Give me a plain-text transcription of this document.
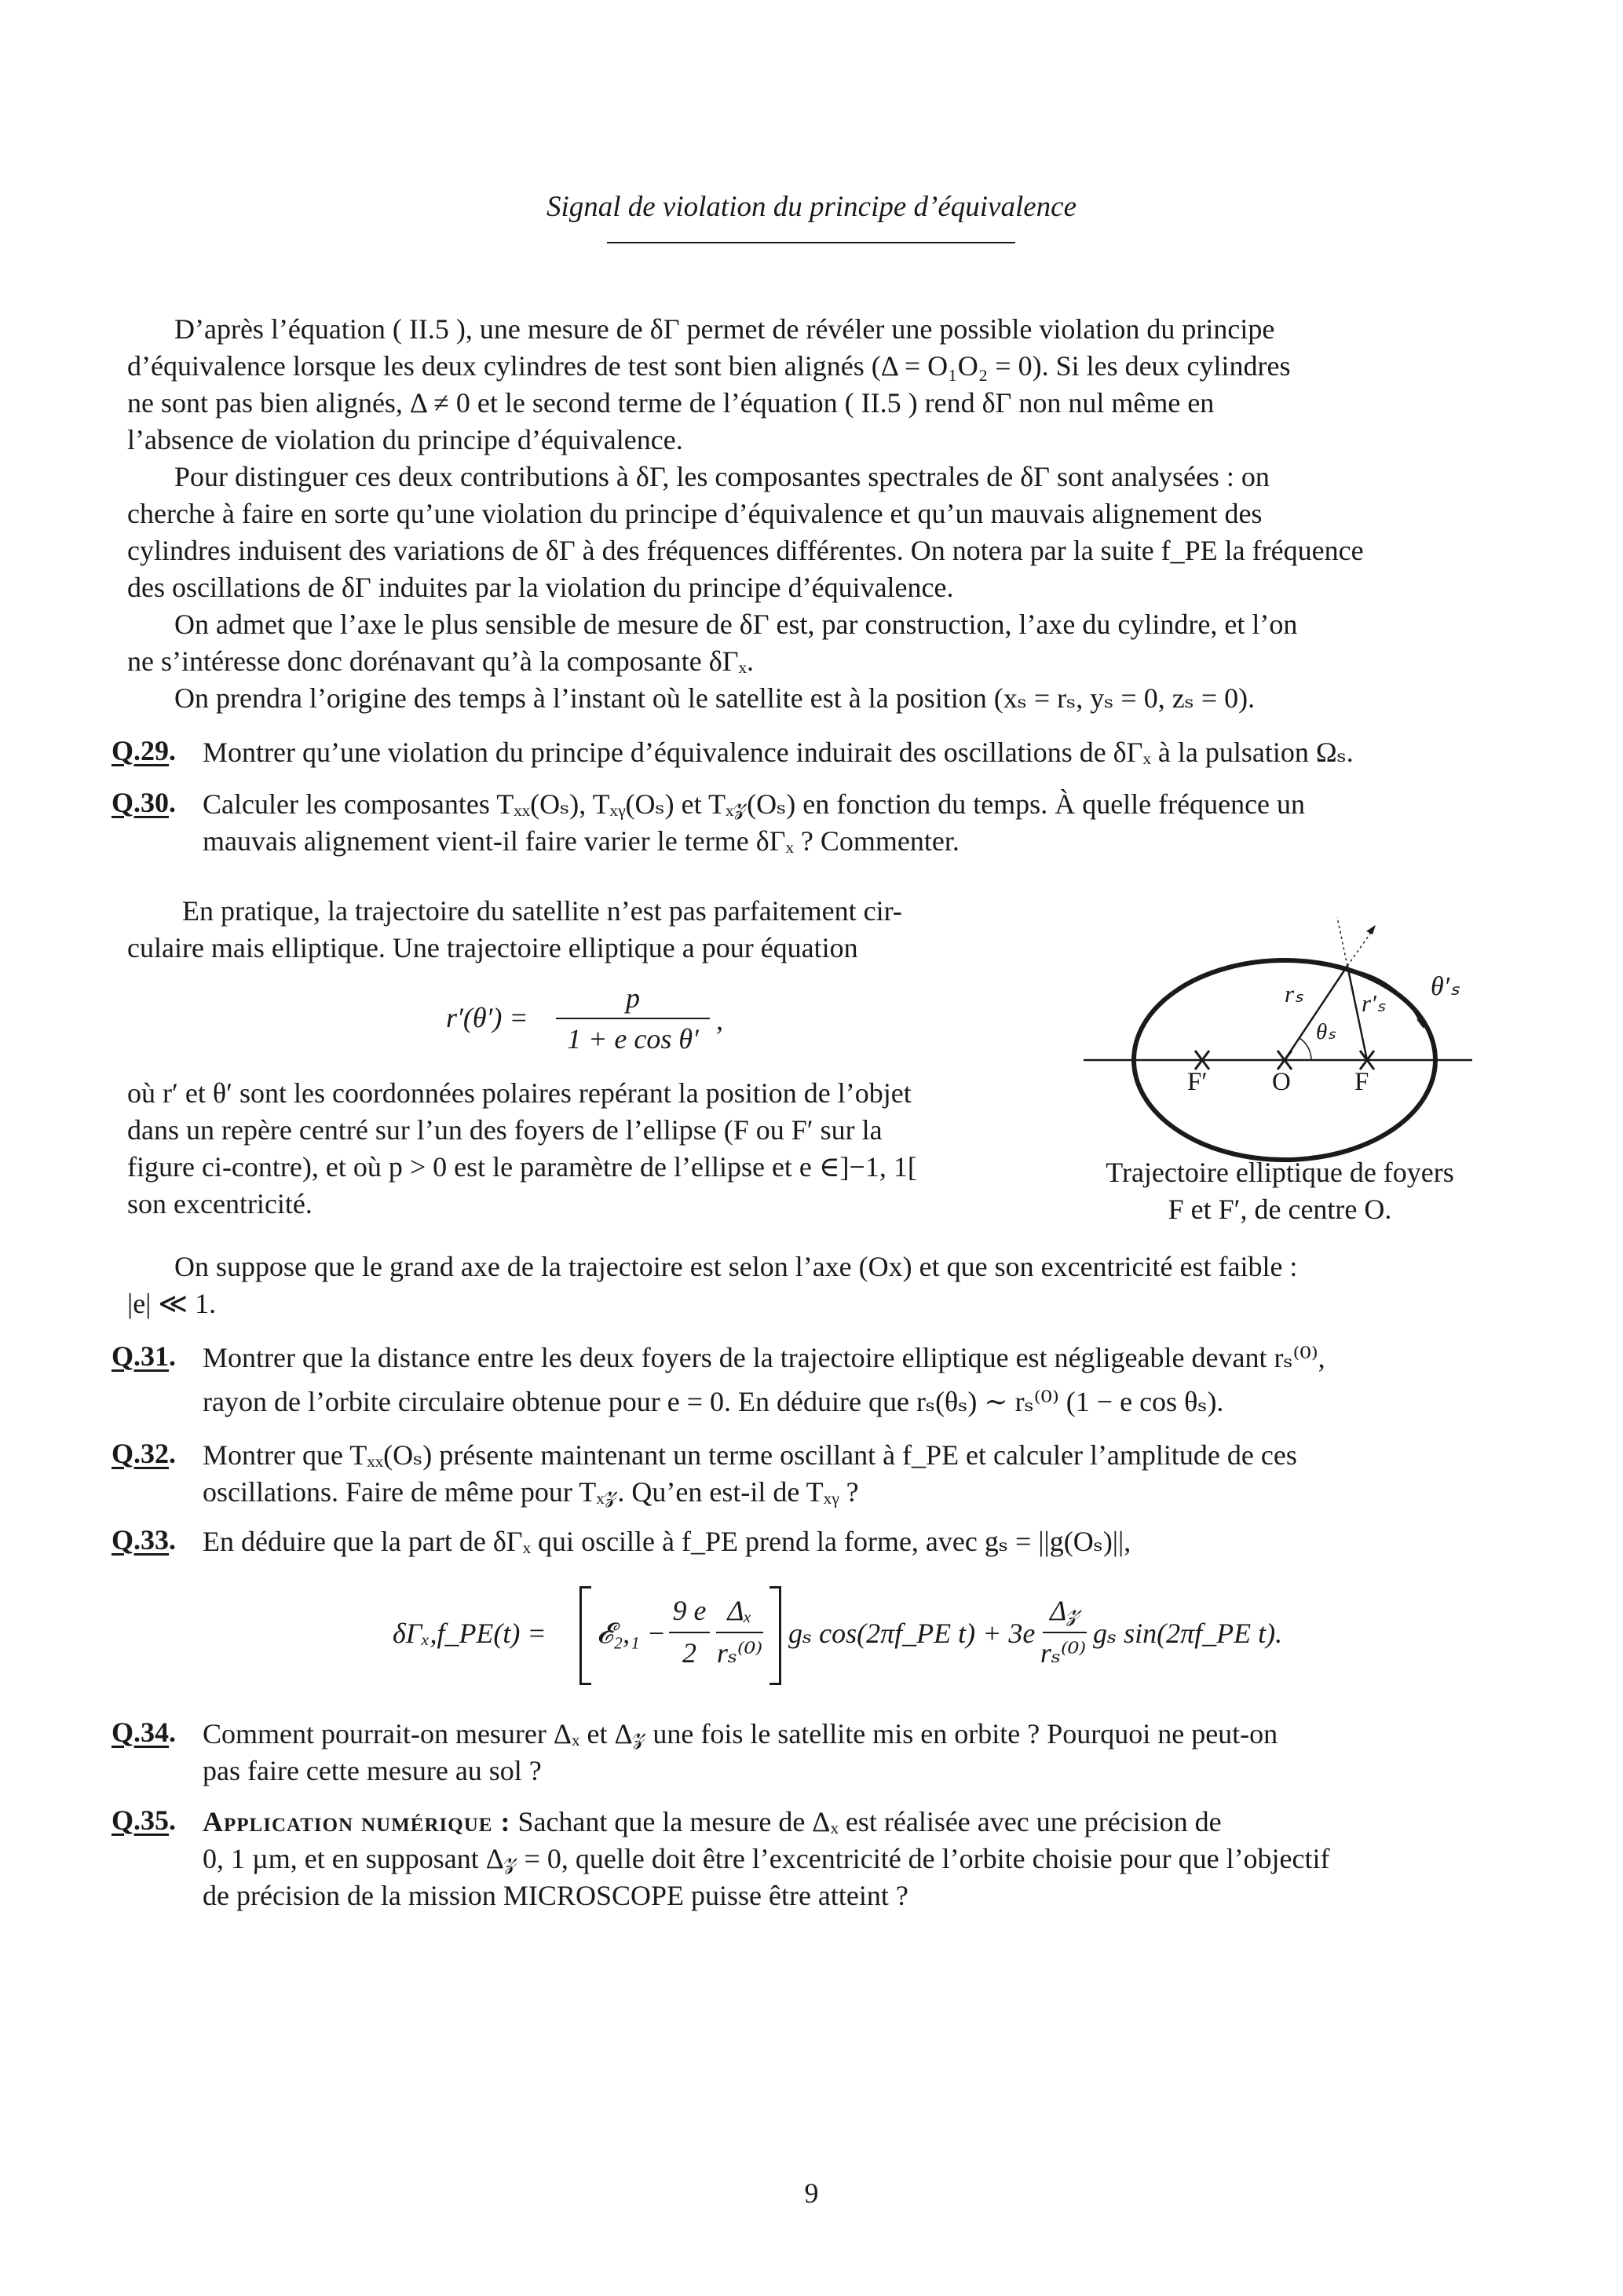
Signal de violation du principe d’équivalence
D’après l’équation ( II.5 ), une mesure de δΓ permet de révéler une possible violation du principe
d’équivalence lorsque les deux cylindres de test sont bien alignés (Δ = O₁O₂ = 0). Si les deux cylindres
ne sont pas bien alignés, Δ ≠ 0 et le second terme de l’équation ( II.5 ) rend δΓ non nul même en
l’absence de violation du principe d’équivalence.
Pour distinguer ces deux contributions à δΓ, les composantes spectrales de δΓ sont analysées : on
cherche à faire en sorte qu’une violation du principe d’équivalence et qu’un mauvais alignement des
cylindres induisent des variations de δΓ à des fréquences différentes. On notera par la suite f_PE la fréquence
des oscillations de δΓ induites par la violation du principe d’équivalence.
On admet que l’axe le plus sensible de mesure de δΓ est, par construction, l’axe du cylindre, et l’on
ne s’intéresse donc dorénavant qu’à la composante δΓₓ.
On prendra l’origine des temps à l’instant où le satellite est à la position (xₛ = rₛ, yₛ = 0, zₛ = 0).
Q.29. Montrer qu’une violation du principe d’équivalence induirait des oscillations de δΓₓ à la pulsation Ωₛ.
Q.30. Calculer les composantes Tₓₓ(Oₛ), Tₓᵧ(Oₛ) et Tₓ𝓏(Oₛ) en fonction du temps. À quelle fréquence un
mauvais alignement vient-il faire varier le terme δΓₓ ? Commenter.
En pratique, la trajectoire du satellite n’est pas parfaitement cir-
culaire mais elliptique. Une trajectoire elliptique a pour équation
où r′ et θ′ sont les coordonnées polaires repérant la position de l’objet
dans un repère centré sur l’un des foyers de l’ellipse (F ou F′ sur la
figure ci-contre), et où p > 0 est le paramètre de l’ellipse et e ∈]−1, 1[
son excentricité.
r′(θ′) =
p
1 + e cos θ′
,
rₛ r′ₛ
θₛ
θ′ₛ
F′ O F
Trajectoire elliptique de foyers
F et F′, de centre O.
On suppose que le grand axe de la trajectoire est selon l’axe (Ox) et que son excentricité est faible :
|e| ≪ 1.
Q.31. Montrer que la distance entre les deux foyers de la trajectoire elliptique est négligeable devant rₛ⁽⁰⁾,
rayon de l’orbite circulaire obtenue pour e = 0. En déduire que rₛ(θₛ) ∼ rₛ⁽⁰⁾ (1 − e cos θₛ).
Q.32. Montrer que Tₓₓ(Oₛ) présente maintenant un terme oscillant à f_PE et calculer l’amplitude de ces
oscillations. Faire de même pour Tₓ𝓏. Qu’en est-il de Tₓᵧ ?
Q.33. En déduire que la part de δΓₓ qui oscille à f_PE prend la forme, avec gₛ = ||g(Oₛ)||,
δΓₓ,f_PE(t) = 𝓔₂,₁ −
9 e
2
Δₓ
rₛ⁽⁰⁾
gₛ cos(2πf_PE t) + 3e
Δ𝓏
rₛ⁽⁰⁾
gₛ sin(2πf_PE t).
Q.34. Comment pourrait-on mesurer Δₓ et Δ𝓏 une fois le satellite mis en orbite ? Pourquoi ne peut-on
pas faire cette mesure au sol ?
Q.35. Application numérique : Sachant que la mesure de Δₓ est réalisée avec une précision de
0, 1 µm, et en supposant Δ𝓏 = 0, quelle doit être l’excentricité de l’orbite choisie pour que l’objectif
de précision de la mission MICROSCOPE puisse être atteint ?
9
